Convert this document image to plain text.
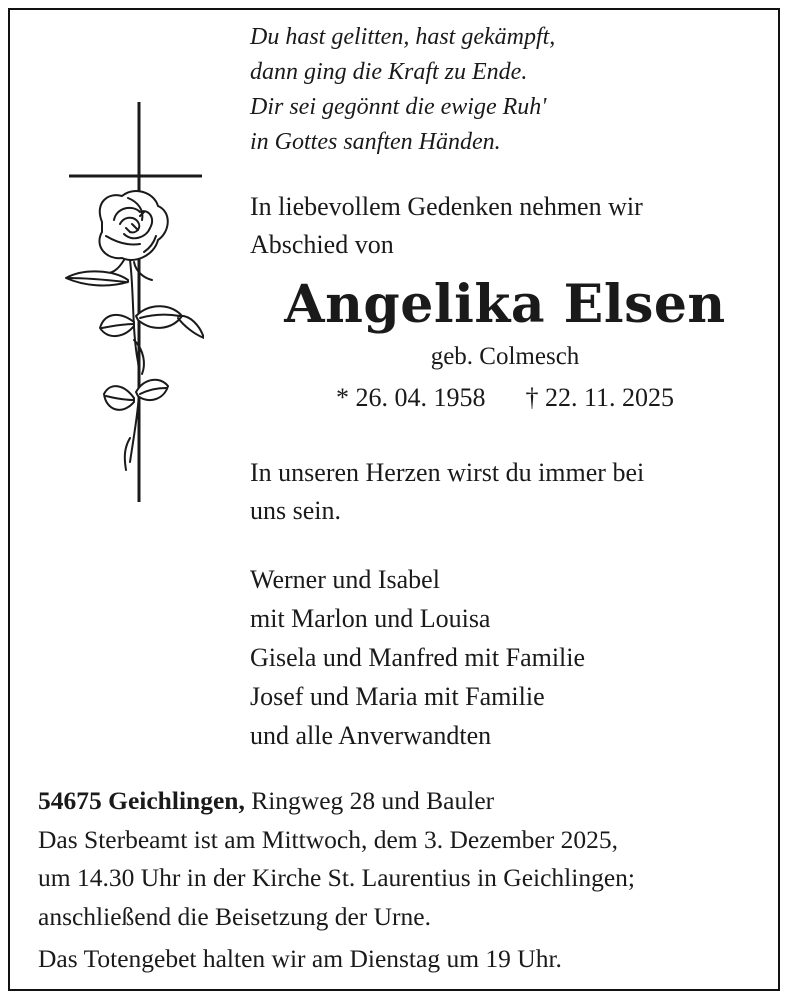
Du hast gelitten, hast gekämpft,
dann ging die Kraft zu Ende.
Dir sei gegönnt die ewige Ruh'
in Gottes sanften Händen.
In liebevollem Gedenken nehmen wir
Abschied von
Angelika Elsen
geb. Colmesch
* 26. 04. 1958 † 22. 11. 2025
In unseren Herzen wirst du immer bei
uns sein.
Werner und Isabel
mit Marlon und Louisa
Gisela und Manfred mit Familie
Josef und Maria mit Familie
und alle Anverwandten
54675 Geichlingen, Ringweg 28 und Bauler
Das Sterbeamt ist am Mittwoch, dem 3. Dezember 2025,
um 14.30 Uhr in der Kirche St. Laurentius in Geichlingen;
anschließend die Beisetzung der Urne.
Das Totengebet halten wir am Dienstag um 19 Uhr.
